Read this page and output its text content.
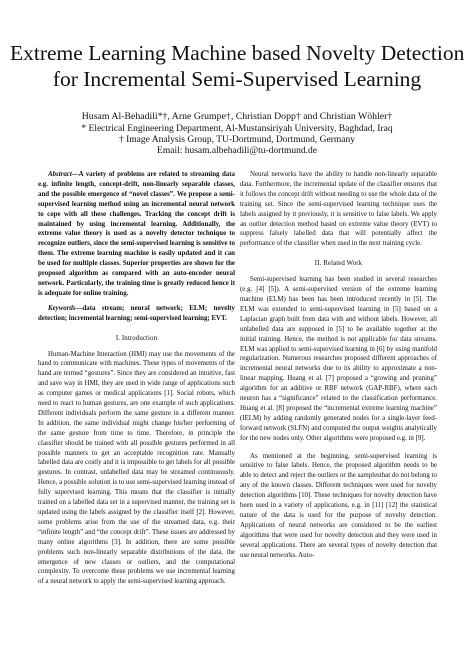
Extreme Learning Machine based Novelty Detection
for Incremental Semi-Supervised Learning
Husam Al-Behadili*†, Arne Grumpe†, Christian Dopp† and Christian Wöhler†
* Electrical Engineering Department, Al-Mustansiriyah University, Baghdad, Iraq
† Image Analysis Group, TU-Dortmund, Dortmund, Germany
Email: husam.albehadili@tu-dortmund.de

Abstract—A variety of problems are related to streaming data e.g. infinite length, concept-drift, non-linearly separable classes, and the possible emergence of “novel classes”. We propose a semi-supervised learning method using an incremental neural network to cope with all these challenges. Tracking the concept drift is maintained by using incremental learning. Additionally, the extreme value theory is used as a novelty detector technique to recognize outliers, since the semi-supervised learning is sensitive to them. The extreme learning machine is easily updated and it can be used for multiple classes. Superior properties are shown for the proposed algorithm as compared with an auto-encoder neural network. Particularly, the training time is greatly reduced hence it is adequate for online training.

Keywords—data stream; neural network; ELM; novelty detection; incremental learning; semi-supervised learning; EVT.

I. Introduction

Human-Machine Interaction (HMI) may use the movements of the hand to communicate with machines. These types of movements of the hand are termed “gestures”. Since they are considered an intuitive, fast and save way in HMI, they are used in wide range of applications such as computer games or medical applications [1]. Social robots, which need to react to human gestures, are one example of such applications. Different individuals perform the same gesture in a different manner. In addition, the same individual might change his/her performing of the same gesture from time to time. Therefore, in principle the classifier should be trained with all possible gestures performed in all possible manners to get an acceptable recognition rate. Manually labelled data are costly and it is impossible to get labels for all possible gestures. In contrast, unlabelled data may be streamed continuously. Hence, a possible solution is to use semi-supervised learning instead of fully supervised learning. This means that the classifier is initially trained on a labelled data set in a supervised manner, the training set is updated using the labels assigned by the classifier itself [2]. However, some problems arise from the use of the streamed data, e.g. their “infinite length” and “the concept drift”. These issues are addressed by many online algorithms [3]. In addition, there are some possible problems such non-linearly separable distributions of the data, the emergence of new classes or outliers, and the computational complexity. To overcome these problems we use incremental learning of a neural network to apply the semi-supervised learning approach.

Neural networks have the ability to handle non-linearly separable data. Furthermore, the incremental update of the classifier ensures that it follows the concept drift without needing to use the whole data of the training set. Since the semi-supervised learning technique uses the labels assigned by it previously, it is sensitive to false labels. We apply an outlier detection method based on extreme value theory (EVT) to suppress falsely labelled data that will potentially affect the performance of the classifier when used in the next training cycle.

II. Related Work

Semi-supervised learning has been studied in several researches (e.g. [4] [5]). A semi-supervised version of the extreme learning machine (ELM) has been has been introduced recently in [5]. The ELM was extended to semi-supervised learning in [5] based on a Laplacian graph built from data with and without labels. However, all unlabelled data are supposed in [5] to be available together at the initial training. Hence, the method is not applicable for data streams. ELM was applied to semi-supervised learning in [6] by using manifold regularization. Numerous researches proposed different approaches of incremental neural networks due to its ability to approximate a non-linear mapping. Huang et al. [7] proposed a “growing and pruning” algorithm for an additive or RBF network (GAP-RBF), where each neuron has a “significance” related to the classification performance. Huang et al. [8] proposed the “incremental extreme learning machine” (IELM) by adding randomly generated nodes for a single-layer feed-forward network (SLFN) and computed the output weights analytically for the new nodes only. Other algorithms were proposed e.g. in [9].

As mentioned at the beginning, semi-supervised learning is sensitive to false labels. Hence, the proposed algorithm needs to be able to detect and reject the outliers or the samplesthat do not belong to any of the known classes. Different techniques were used for novelty detection algorithms [10]. These techniques for novelty detection have been used in a variety of applications, e.g. in [11] [12] the statistical nature of the data is used for the purpose of novelty detection. Applications of neural networks are considered to be the earliest algorithms that were used for novelty detection and they were used in several applications. There are several types of novelty detection that use neural networks. Auto-
